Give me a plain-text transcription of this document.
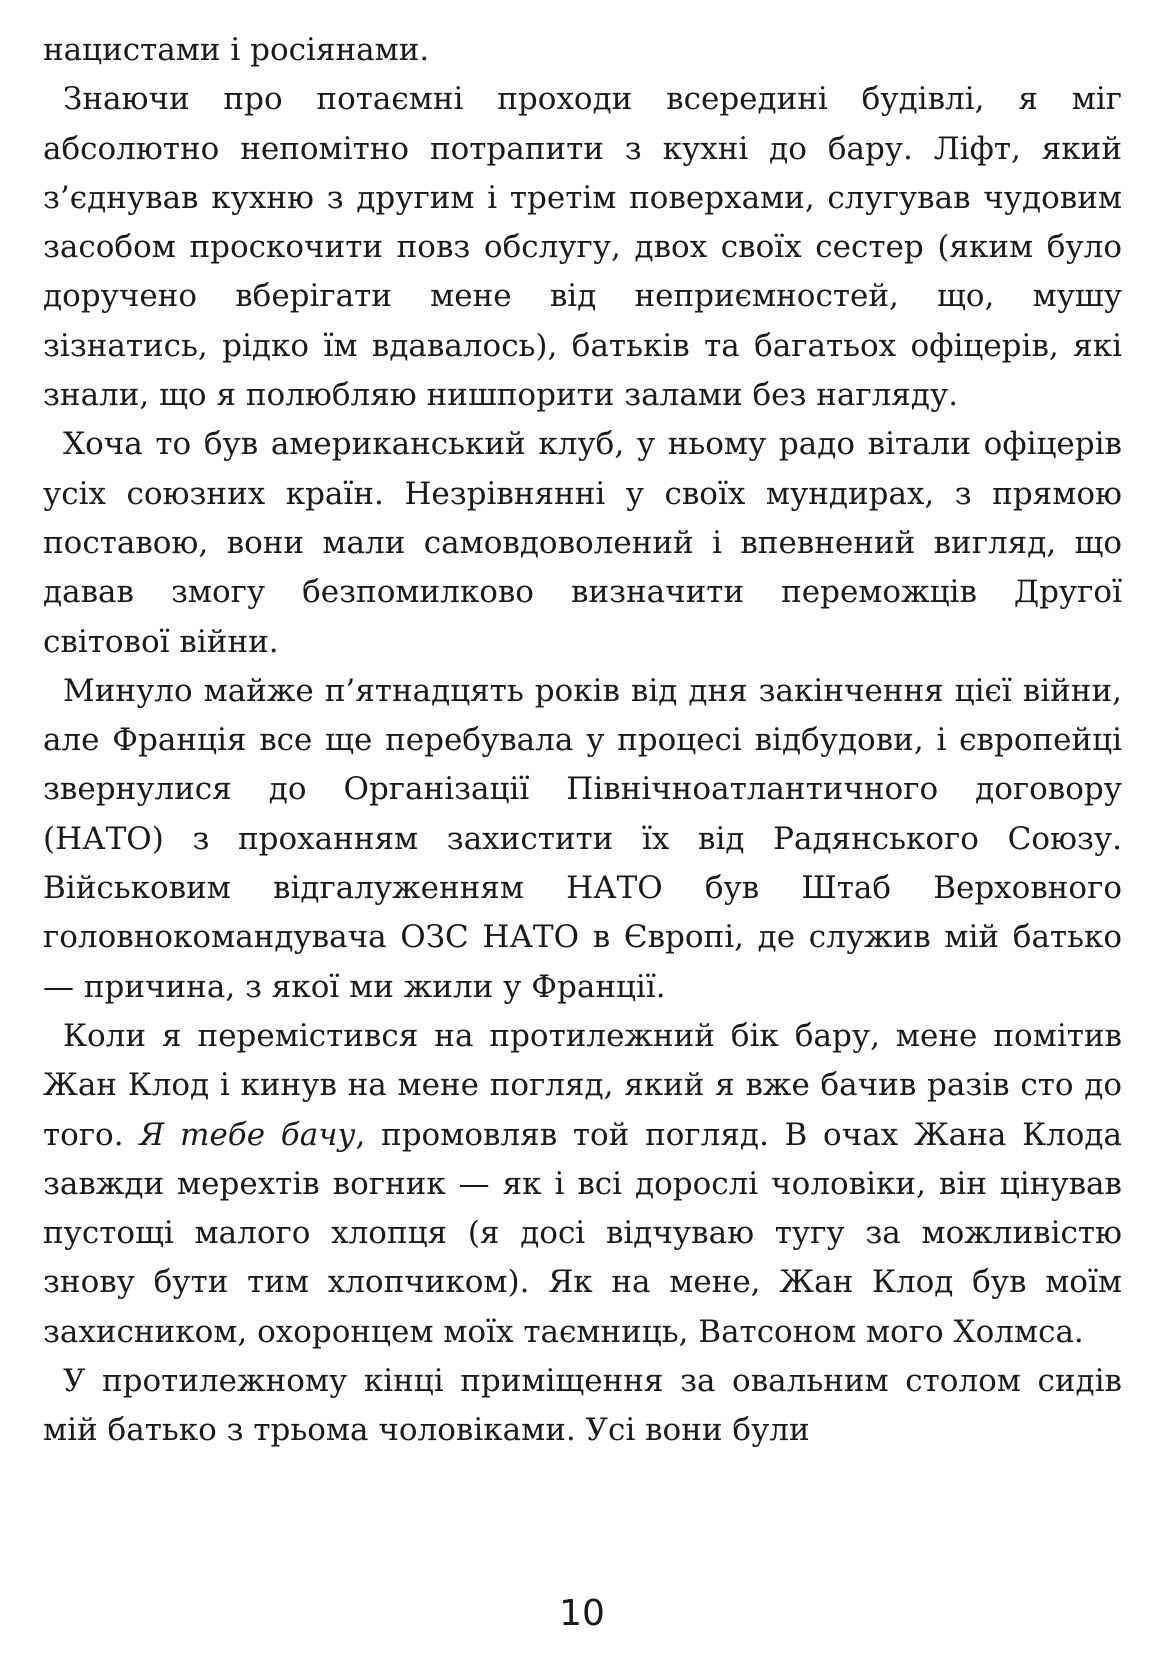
нацистами і росіянами.

Знаючи про потаємні проходи всередині будівлі, я міг абсолютно непомітно потрапити з кухні до бару. Ліфт, який з’єднував кухню з другим і третім поверхами, слугував чудовим засобом проскочити повз обслугу, двох своїх сестер (яким було доручено вберігати мене від неприємностей, що, мушу зізнатись, рідко їм вдавалось), батьків та багатьох офіцерів, які знали, що я полюбляю нишпорити залами без нагляду.

Хоча то був американський клуб, у ньому радо вітали офіцерів усіх союзних країн. Незрівнянні у своїх мундирах, з прямою поставою, вони мали самовдоволений і впевнений вигляд, що давав змогу безпомилково визначити переможців Другої світової війни.

Минуло майже п’ятнадцять років від дня закінчення цієї війни, але Франція все ще перебувала у процесі відбудови, і європейці звернулися до Організації Північноатлантичного договору (НАТО) з проханням захистити їх від Радянського Союзу. Військовим відгалуженням НАТО був Штаб Верховного головнокомандувача ОЗС НАТО в Європі, де служив мій батько — причина, з якої ми жили у Франції.

Коли я перемістився на протилежний бік бару, мене помітив Жан Клод і кинув на мене погляд, який я вже бачив разів сто до того. Я тебе бачу, промовляв той погляд. В очах Жана Клода завжди мерехтів вогник — як і всі дорослі чоловіки, він цінував пустощі малого хлопця (я досі відчуваю тугу за можливістю знову бути тим хлопчиком). Як на мене, Жан Клод був моїм захисником, охоронцем моїх таємниць, Ватсоном мого Холмса.

У протилежному кінці приміщення за овальним столом сидів мій батько з трьома чоловіками. Усі вони були

10
